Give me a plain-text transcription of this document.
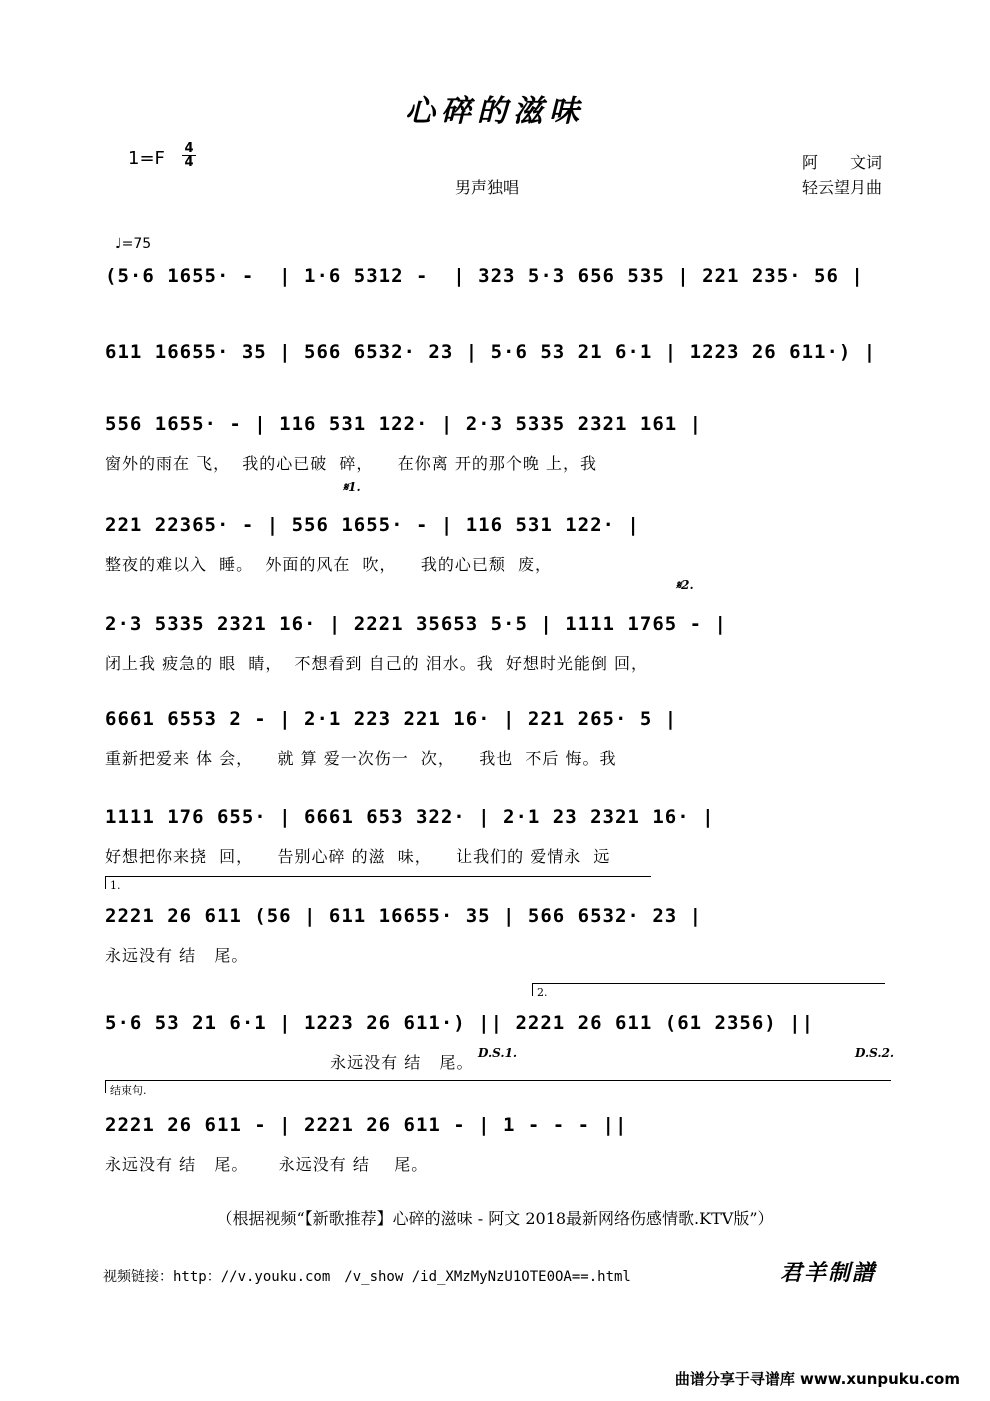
心碎的滋味
1=F 4
4
男声独唱
阿　　文词
轻云望月曲
♩=75
(5·6 1655· -  | 1·6 5312 -  | 323 5·3 656 535 | 221 235· 56 |
611 16655· 35 | 566 6532· 23 | 5·6 53 21 6·1 | 1223 26 611·) |
556 1655· - | 116 531 122· | 2·3 5335 2321 161 |
窗外的雨在 飞，  我的心已破  碎，    在你离 开的那个晚 上，我
𝄋1.
221 22365· - | 556 1655· - | 116 531 122· |
整夜的难以入  睡。  外面的风在  吹，    我的心已颓  废，
𝄋2.
2·3 5335 2321 16· | 2221 35653 5·5 | 1111 1765 - |
闭上我 疲急的 眼  睛，  不想看到 自己的 泪水。我  好想时光能倒 回，
6661 6553 2 - | 2·1 223 221 16· | 221 265· 5 |
重新把爱来 体 会，    就 算 爱一次伤一  次，    我也  不后 悔。我
1111 176 655· | 6661 653 322· | 2·1 23 2321 16· |
好想把你来挠  回，    告别心碎 的滋  味，    让我们的 爱情永  远
1.
2221 26 611 (56 | 611 16655· 35 | 566 6532· 23 |
永远没有 结   尾。
2.
5·6 53 21 6·1 | 1223 26 611·) || 2221 26 611 (61 2356) ||
永远没有 结   尾。 D.S.1.	D.S.2.
结束句.
2221 26 611 - | 2221 26 611 - | 1 - - - ||
永远没有 结   尾。     永远没有 结    尾。
（根据视频“【新歌推荐】心碎的滋味 - 阿文 2018最新网络伤感情歌.KTV版”）
视频链接：http：//v.youku.com　/v_show /id_XMzMyNzU1OTE0OA==.html	君羊制譜
曲谱分享于寻谱库 www.xunpuku.com
